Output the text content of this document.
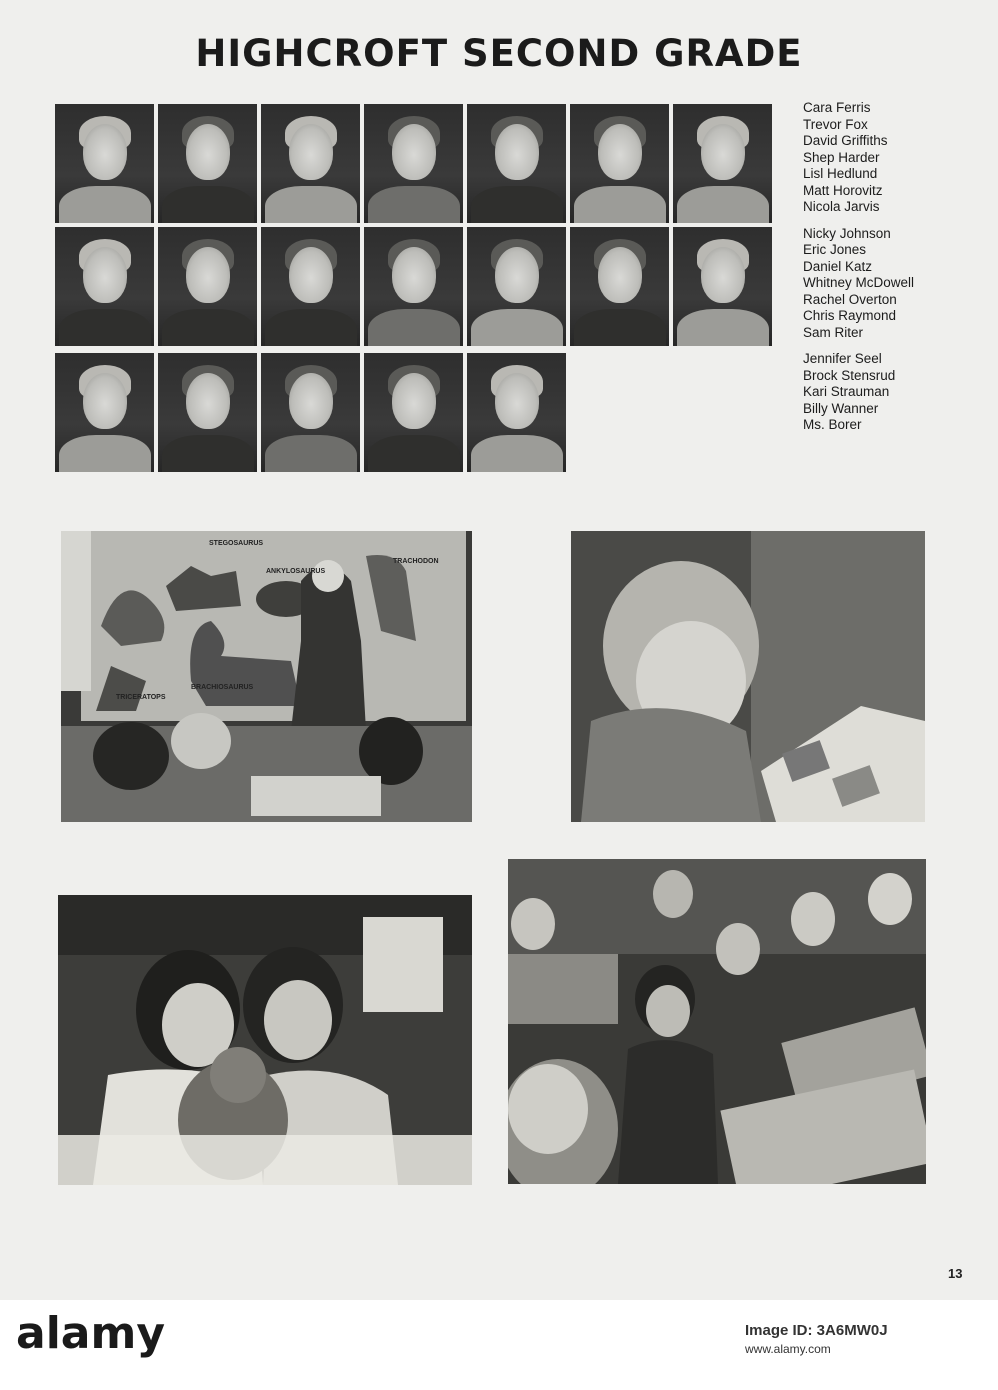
HIGHCROFT SECOND GRADE
Cara Ferris
Trevor Fox
David Griffiths
Shep Harder
Lisl Hedlund
Matt Horovitz
Nicola Jarvis
Nicky Johnson
Eric Jones
Daniel Katz
Whitney McDowell
Rachel Overton
Chris Raymond
Sam Riter
Jennifer Seel
Brock Stensrud
Kari Strauman
Billy Wanner
Ms. Borer
STEGOSAURUS
ANKYLOSAURUS
TRACHODON
TRICERATOPS
BRACHIOSAURUS
13
alamy	Image ID: 3A6MW0J
www.alamy.com
